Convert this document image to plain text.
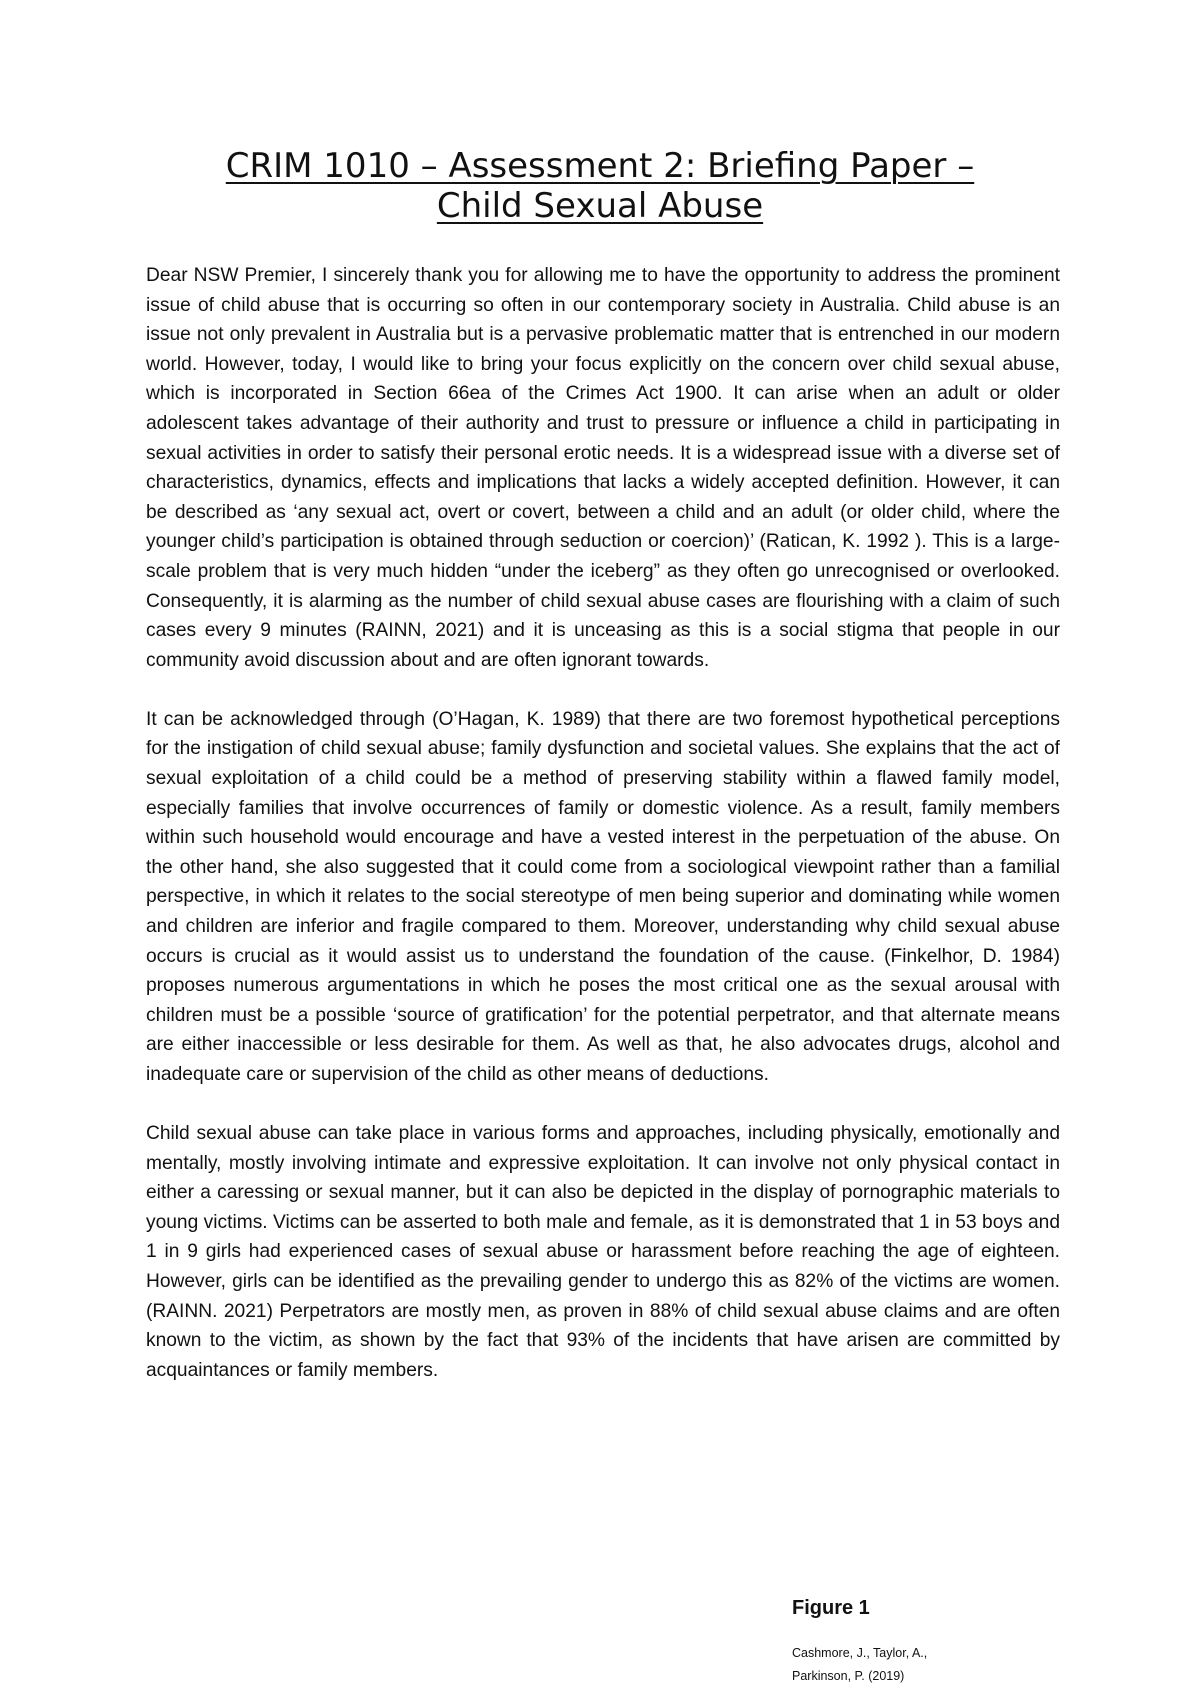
CRIM 1010 – Assessment 2: Briefing Paper –
Child Sexual Abuse

Dear NSW Premier, I sincerely thank you for allowing me to have the opportunity to address the prominent issue of child abuse that is occurring so often in our contemporary society in Australia. Child abuse is an issue not only prevalent in Australia but is a pervasive problematic matter that is entrenched in our modern world. However, today, I would like to bring your focus explicitly on the concern over child sexual abuse, which is incorporated in Section 66ea of the Crimes Act 1900. It can arise when an adult or older adolescent takes advantage of their authority and trust to pressure or influence a child in participating in sexual activities in order to satisfy their personal erotic needs. It is a widespread issue with a diverse set of characteristics, dynamics, effects and implications that lacks a widely accepted definition. However, it can be described as ‘any sexual act, overt or covert, between a child and an adult (or older child, where the younger child’s participation is obtained through seduction or coercion)’ (Ratican, K. 1992 ). This is a large-scale problem that is very much hidden “under the iceberg” as they often go unrecognised or overlooked. Consequently, it is alarming as the number of child sexual abuse cases are flourishing with a claim of such cases every 9 minutes (RAINN, 2021) and it is unceasing as this is a social stigma that people in our community avoid discussion about and are often ignorant towards.

It can be acknowledged through (O’Hagan, K. 1989) that there are two foremost hypothetical perceptions for the instigation of child sexual abuse; family dysfunction and societal values. She explains that the act of sexual exploitation of a child could be a method of preserving stability within a flawed family model, especially families that involve occurrences of family or domestic violence. As a result, family members within such household would encourage and have a vested interest in the perpetuation of the abuse. On the other hand, she also suggested that it could come from a sociological viewpoint rather than a familial perspective, in which it relates to the social stereotype of men being superior and dominating while women and children are inferior and fragile compared to them. Moreover, understanding why child sexual abuse occurs is crucial as it would assist us to understand the foundation of the cause. (Finkelhor, D. 1984) proposes numerous argumentations in which he poses the most critical one as the sexual arousal with children must be a possible ‘source of gratification’ for the potential perpetrator, and that alternate means are either inaccessible or less desirable for them. As well as that, he also advocates drugs, alcohol and inadequate care or supervision of the child as other means of deductions.

Child sexual abuse can take place in various forms and approaches, including physically, emotionally and mentally, mostly involving intimate and expressive exploitation. It can involve not only physical contact in either a caressing or sexual manner, but it can also be depicted in the display of pornographic materials to young victims. Victims can be asserted to both male and female, as it is demonstrated that 1 in 53 boys and 1 in 9 girls had experienced cases of sexual abuse or harassment before reaching the age of eighteen. However, girls can be identified as the prevailing gender to undergo this as 82% of the victims are women. (RAINN. 2021) Perpetrators are mostly men, as proven in 88% of child sexual abuse claims and are often known to the victim, as shown by the fact that 93% of the incidents that have arisen are committed by acquaintances or family members.

Figure 1
Cashmore, J., Taylor, A.,
Parkinson, P. (2019)
